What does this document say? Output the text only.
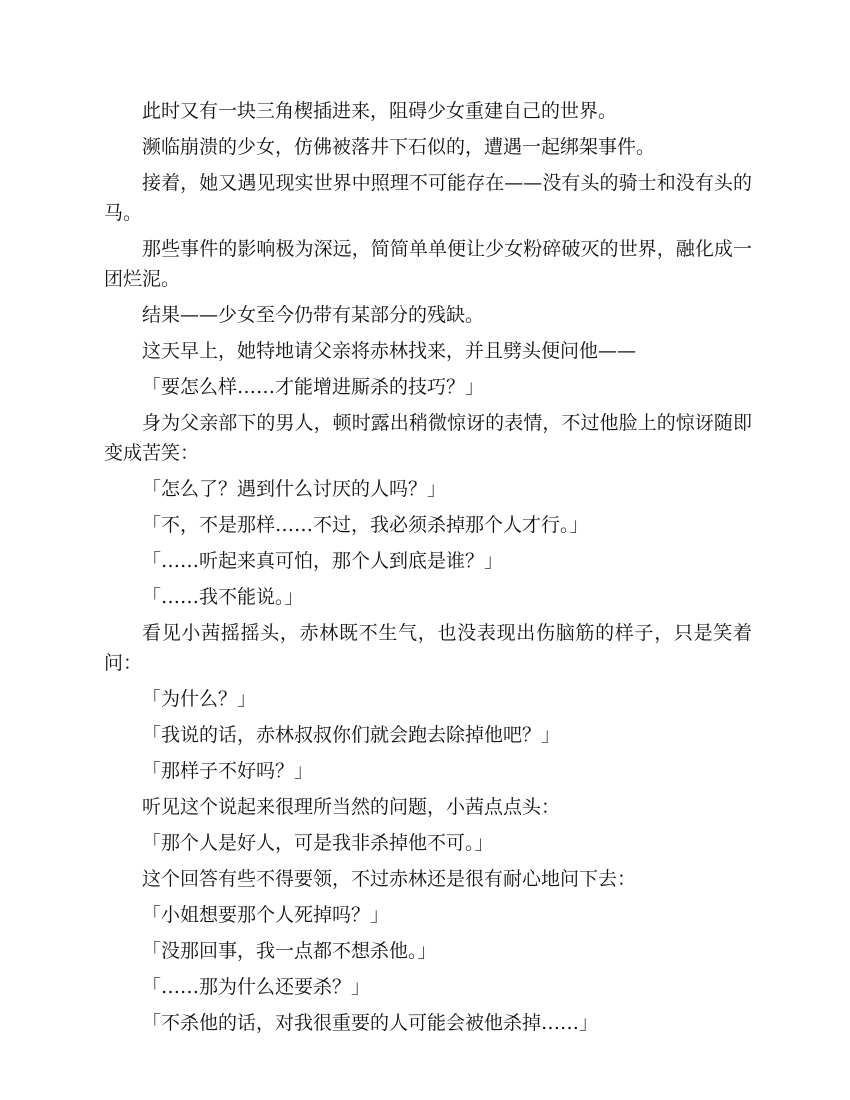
此时又有一块三角楔插进来，阻碍少女重建自己的世界。

濒临崩溃的少女，仿佛被落井下石似的，遭遇一起绑架事件。

接着，她又遇见现实世界中照理不可能存在——没有头的骑士和没有头的马。

那些事件的影响极为深远，简简单单便让少女粉碎破灭的世界，融化成一团烂泥。

结果——少女至今仍带有某部分的残缺。

这天早上，她特地请父亲将赤林找来，并且劈头便问他——

「要怎么样……才能增进厮杀的技巧？」

身为父亲部下的男人，顿时露出稍微惊讶的表情，不过他脸上的惊讶随即变成苦笑：

「怎么了？遇到什么讨厌的人吗？」

「不，不是那样……不过，我必须杀掉那个人才行。」

「……听起来真可怕，那个人到底是谁？」

「……我不能说。」

看见小茜摇摇头，赤林既不生气，也没表现出伤脑筋的样子，只是笑着问：

「为什么？」

「我说的话，赤林叔叔你们就会跑去除掉他吧？」

「那样子不好吗？」

听见这个说起来很理所当然的问题，小茜点点头：

「那个人是好人，可是我非杀掉他不可。」

这个回答有些不得要领，不过赤林还是很有耐心地问下去：

「小姐想要那个人死掉吗？」

「没那回事，我一点都不想杀他。」

「……那为什么还要杀？」

「不杀他的话，对我很重要的人可能会被他杀掉……」
